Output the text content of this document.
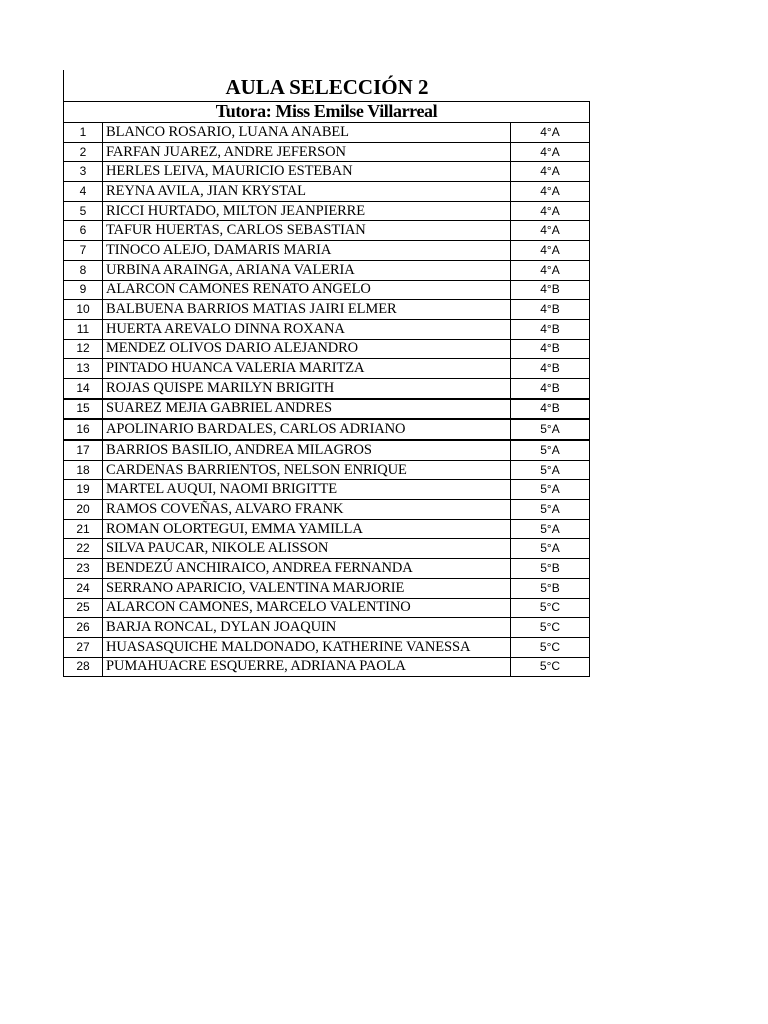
AULA SELECCIÓN 2
Tutora: Miss Emilse Villarreal
1	BLANCO ROSARIO, LUANA ANABEL	4°A
2	FARFAN JUAREZ, ANDRE JEFERSON	4°A
3	HERLES LEIVA, MAURICIO ESTEBAN	4°A
4	REYNA AVILA, JIAN KRYSTAL	4°A
5	RICCI HURTADO, MILTON JEANPIERRE	4°A
6	TAFUR HUERTAS, CARLOS SEBASTIAN	4°A
7	TINOCO ALEJO, DAMARIS MARIA	4°A
8	URBINA ARAINGA, ARIANA VALERIA	4°A
9	ALARCON CAMONES RENATO ANGELO	4°B
10	BALBUENA BARRIOS MATIAS JAIRI ELMER	4°B
11	HUERTA AREVALO DINNA ROXANA	4°B
12	MENDEZ OLIVOS DARIO ALEJANDRO	4°B
13	PINTADO HUANCA VALERIA MARITZA	4°B
14	ROJAS QUISPE MARILYN BRIGITH	4°B
15	SUAREZ MEJIA GABRIEL ANDRES	4°B
16	APOLINARIO BARDALES, CARLOS ADRIANO	5°A
17	BARRIOS BASILIO, ANDREA MILAGROS	5°A
18	CARDENAS BARRIENTOS, NELSON ENRIQUE	5°A
19	MARTEL AUQUI, NAOMI BRIGITTE	5°A
20	RAMOS COVEÑAS, ALVARO FRANK	5°A
21	ROMAN OLORTEGUI, EMMA YAMILLA	5°A
22	SILVA PAUCAR, NIKOLE ALISSON	5°A
23	BENDEZÚ ANCHIRAICO, ANDREA FERNANDA	5°B
24	SERRANO APARICIO, VALENTINA MARJORIE	5°B
25	ALARCON CAMONES, MARCELO VALENTINO	5°C
26	BARJA RONCAL, DYLAN JOAQUIN	5°C
27	HUASASQUICHE MALDONADO, KATHERINE VANESSA	5°C
28	PUMAHUACRE ESQUERRE, ADRIANA PAOLA	5°C
